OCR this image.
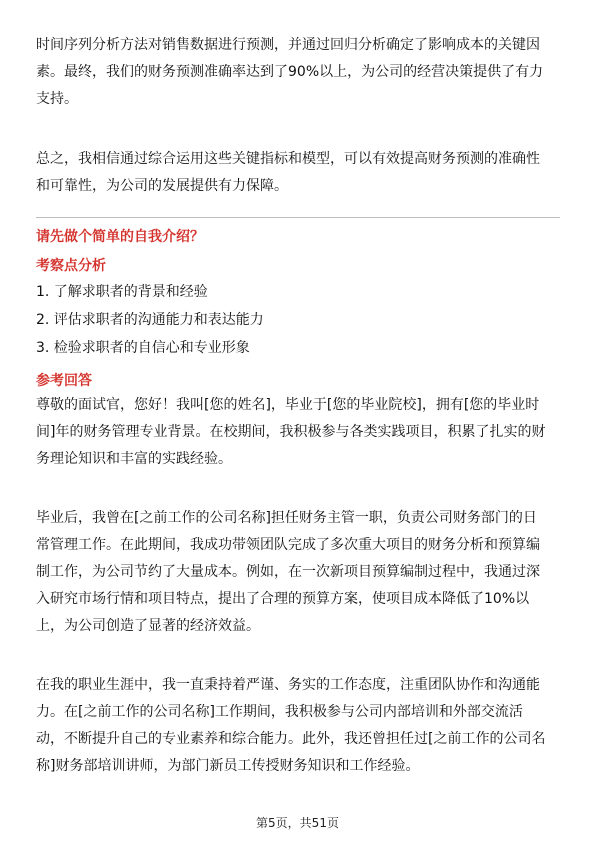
时间序列分析方法对销售数据进行预测，并通过回归分析确定了影响成本的关键因
素。最终，我们的财务预测准确率达到了90%以上，为公司的经营决策提供了有力
支持。
总之，我相信通过综合运用这些关键指标和模型，可以有效提高财务预测的准确性
和可靠性，为公司的发展提供有力保障。

请先做个简单的自我介绍？

考察点分析

1. 了解求职者的背景和经验

2. 评估求职者的沟通能力和表达能力

3. 检验求职者的自信心和专业形象

参考回答

尊敬的面试官，您好！我叫[您的姓名]，毕业于[您的毕业院校]，拥有[您的毕业时
间]年的财务管理专业背景。在校期间，我积极参与各类实践项目，积累了扎实的财
务理论知识和丰富的实践经验。
毕业后，我曾在[之前工作的公司名称]担任财务主管一职，负责公司财务部门的日
常管理工作。在此期间，我成功带领团队完成了多次重大项目的财务分析和预算编
制工作，为公司节约了大量成本。例如，在一次新项目预算编制过程中，我通过深
入研究市场行情和项目特点，提出了合理的预算方案，使项目成本降低了10%以
上，为公司创造了显著的经济效益。
在我的职业生涯中，我一直秉持着严谨、务实的工作态度，注重团队协作和沟通能
力。在[之前工作的公司名称]工作期间，我积极参与公司内部培训和外部交流活
动，不断提升自己的专业素养和综合能力。此外，我还曾担任过[之前工作的公司名
称]财务部培训讲师，为部门新员工传授财务知识和工作经验。
第5页，共51页
